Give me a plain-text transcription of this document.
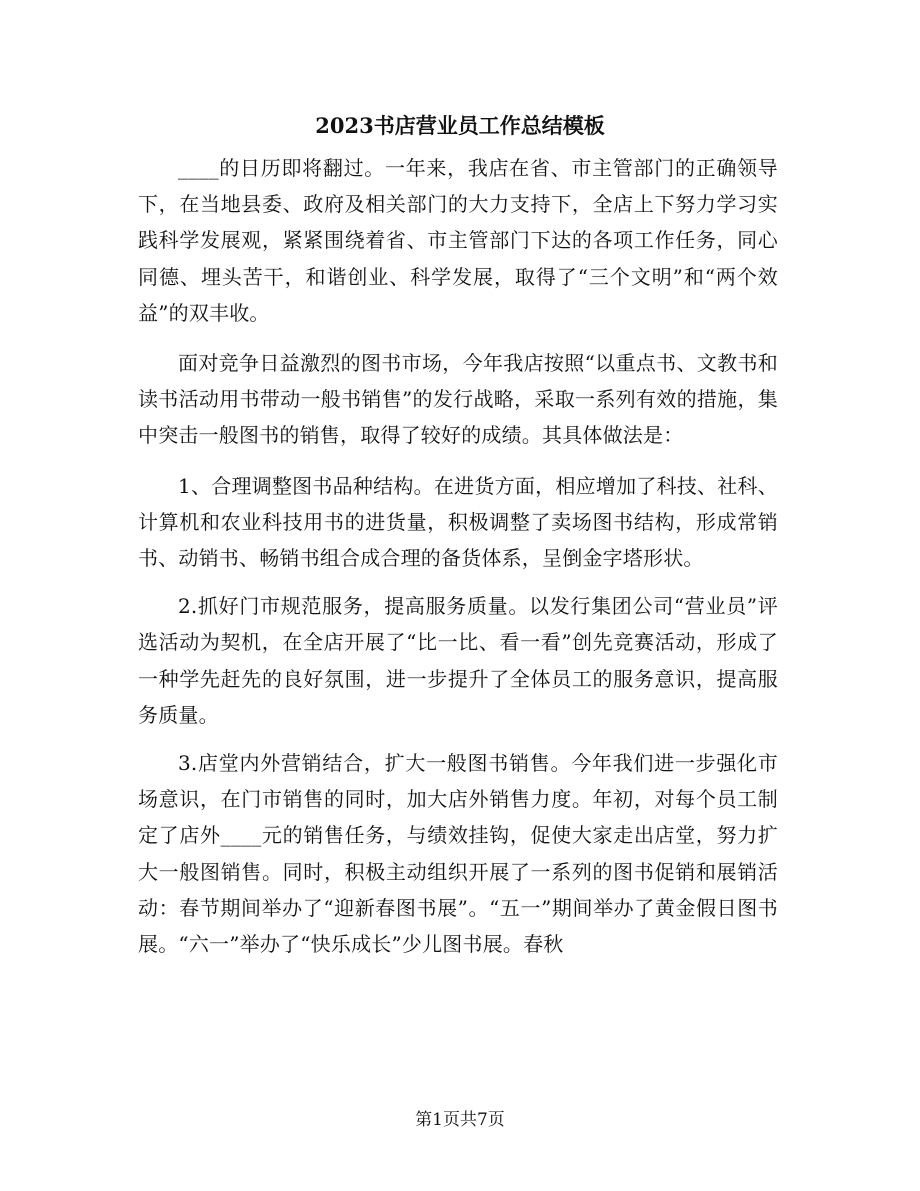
2023书店营业员工作总结模板

____的日历即将翻过。一年来，我店在省、市主管部门的正确领导下，在当地县委、政府及相关部门的大力支持下，全店上下努力学习实践科学发展观，紧紧围绕着省、市主管部门下达的各项工作任务，同心同德、埋头苦干，和谐创业、科学发展，取得了“三个文明”和“两个效益”的双丰收。

面对竞争日益激烈的图书市场，今年我店按照“以重点书、文教书和读书活动用书带动一般书销售”的发行战略，采取一系列有效的措施，集中突击一般图书的销售，取得了较好的成绩。其具体做法是：

1、合理调整图书品种结构。在进货方面，相应增加了科技、社科、计算机和农业科技用书的进货量，积极调整了卖场图书结构，形成常销书、动销书、畅销书组合成合理的备货体系，呈倒金字塔形状。

2.抓好门市规范服务，提高服务质量。以发行集团公司“营业员”评选活动为契机，在全店开展了“比一比、看一看”创先竞赛活动，形成了一种学先赶先的良好氛围，进一步提升了全体员工的服务意识，提高服务质量。

3.店堂内外营销结合，扩大一般图书销售。今年我们进一步强化市场意识，在门市销售的同时，加大店外销售力度。年初，对每个员工制定了店外____元的销售任务，与绩效挂钩，促使大家走出店堂，努力扩大一般图销售。同时，积极主动组织开展了一系列的图书促销和展销活动：春节期间举办了“迎新春图书展”。“五一”期间举办了黄金假日图书展。“六一”举办了“快乐成长”少儿图书展。春秋

第1页共7页
